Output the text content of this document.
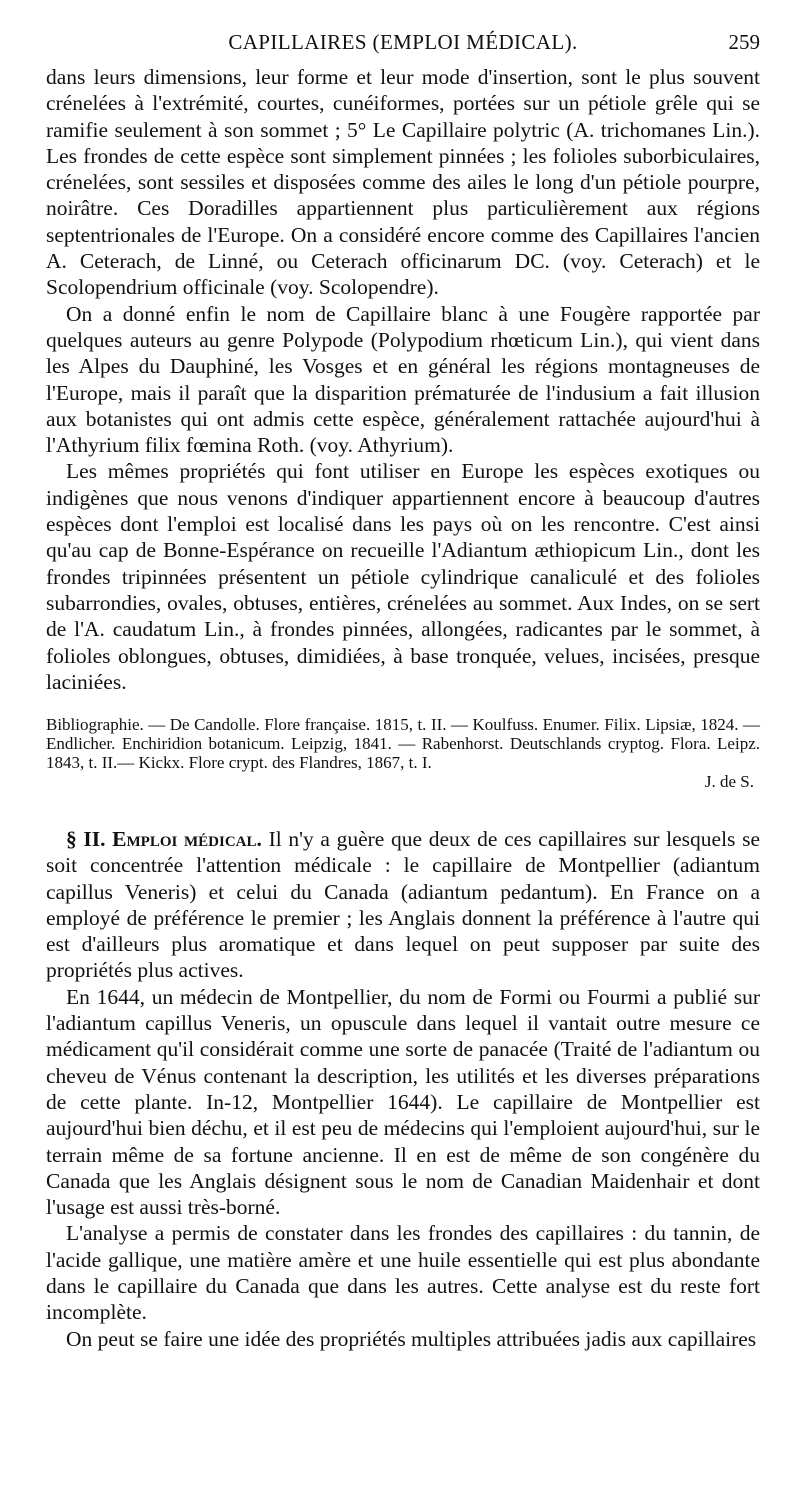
CAPILLAIRES (EMPLOI MÉDICAL).	259

dans leurs dimensions, leur forme et leur mode d'insertion, sont le plus souvent crénelées à l'extrémité, courtes, cunéiformes, portées sur un pétiole grêle qui se ramifie seulement à son sommet ; 5° Le Capillaire polytric (A. trichomanes Lin.). Les frondes de cette espèce sont simplement pinnées ; les folioles suborbiculaires, crénelées, sont sessiles et disposées comme des ailes le long d'un pétiole pourpre, noirâtre. Ces Doradilles appartiennent plus particulièrement aux régions septentrionales de l'Europe. On a considéré encore comme des Capillaires l'ancien A. Ceterach, de Linné, ou Ceterach officinarum DC. (voy. Ceterach) et le Scolopendrium officinale (voy. Scolopendre).

On a donné enfin le nom de Capillaire blanc à une Fougère rapportée par quelques auteurs au genre Polypode (Polypodium rhœticum Lin.), qui vient dans les Alpes du Dauphiné, les Vosges et en général les régions montagneuses de l'Europe, mais il paraît que la disparition prématurée de l'indusium a fait illusion aux botanistes qui ont admis cette espèce, généralement rattachée aujourd'hui à l'Athyrium filix fœmina Roth. (voy. Athyrium).

Les mêmes propriétés qui font utiliser en Europe les espèces exotiques ou indigènes que nous venons d'indiquer appartiennent encore à beaucoup d'autres espèces dont l'emploi est localisé dans les pays où on les rencontre. C'est ainsi qu'au cap de Bonne-Espérance on recueille l'Adiantum æthiopicum Lin., dont les frondes tripinnées présentent un pétiole cylindrique canaliculé et des folioles subarrondies, ovales, obtuses, entières, crénelées au sommet. Aux Indes, on se sert de l'A. caudatum Lin., à frondes pinnées, allongées, radicantes par le sommet, à folioles oblongues, obtuses, dimidiées, à base tronquée, velues, incisées, presque laciniées.

Bibliographie. — De Candolle. Flore française. 1815, t. II. — Koulfuss. Enumer. Filix. Lipsiæ, 1824. — Endlicher. Enchiridion botanicum. Leipzig, 1841. — Rabenhorst. Deutschlands cryptog. Flora. Leipz. 1843, t. II.— Kickx. Flore crypt. des Flandres, 1867, t. I.

J. de S.

§ II. Emploi médical. Il n'y a guère que deux de ces capillaires sur lesquels se soit concentrée l'attention médicale : le capillaire de Montpellier (adiantum capillus Veneris) et celui du Canada (adiantum pedantum). En France on a employé de préférence le premier ; les Anglais donnent la préférence à l'autre qui est d'ailleurs plus aromatique et dans lequel on peut supposer par suite des propriétés plus actives.

En 1644, un médecin de Montpellier, du nom de Formi ou Fourmi a publié sur l'adiantum capillus Veneris, un opuscule dans lequel il vantait outre mesure ce médicament qu'il considérait comme une sorte de panacée (Traité de l'adiantum ou cheveu de Vénus contenant la description, les utilités et les diverses préparations de cette plante. In-12, Montpellier 1644). Le capillaire de Montpellier est aujourd'hui bien déchu, et il est peu de médecins qui l'emploient aujourd'hui, sur le terrain même de sa fortune ancienne. Il en est de même de son congénère du Canada que les Anglais désignent sous le nom de Canadian Maidenhair et dont l'usage est aussi très-borné.

L'analyse a permis de constater dans les frondes des capillaires : du tannin, de l'acide gallique, une matière amère et une huile essentielle qui est plus abondante dans le capillaire du Canada que dans les autres. Cette analyse est du reste fort incomplète.

On peut se faire une idée des propriétés multiples attribuées jadis aux capillaires
